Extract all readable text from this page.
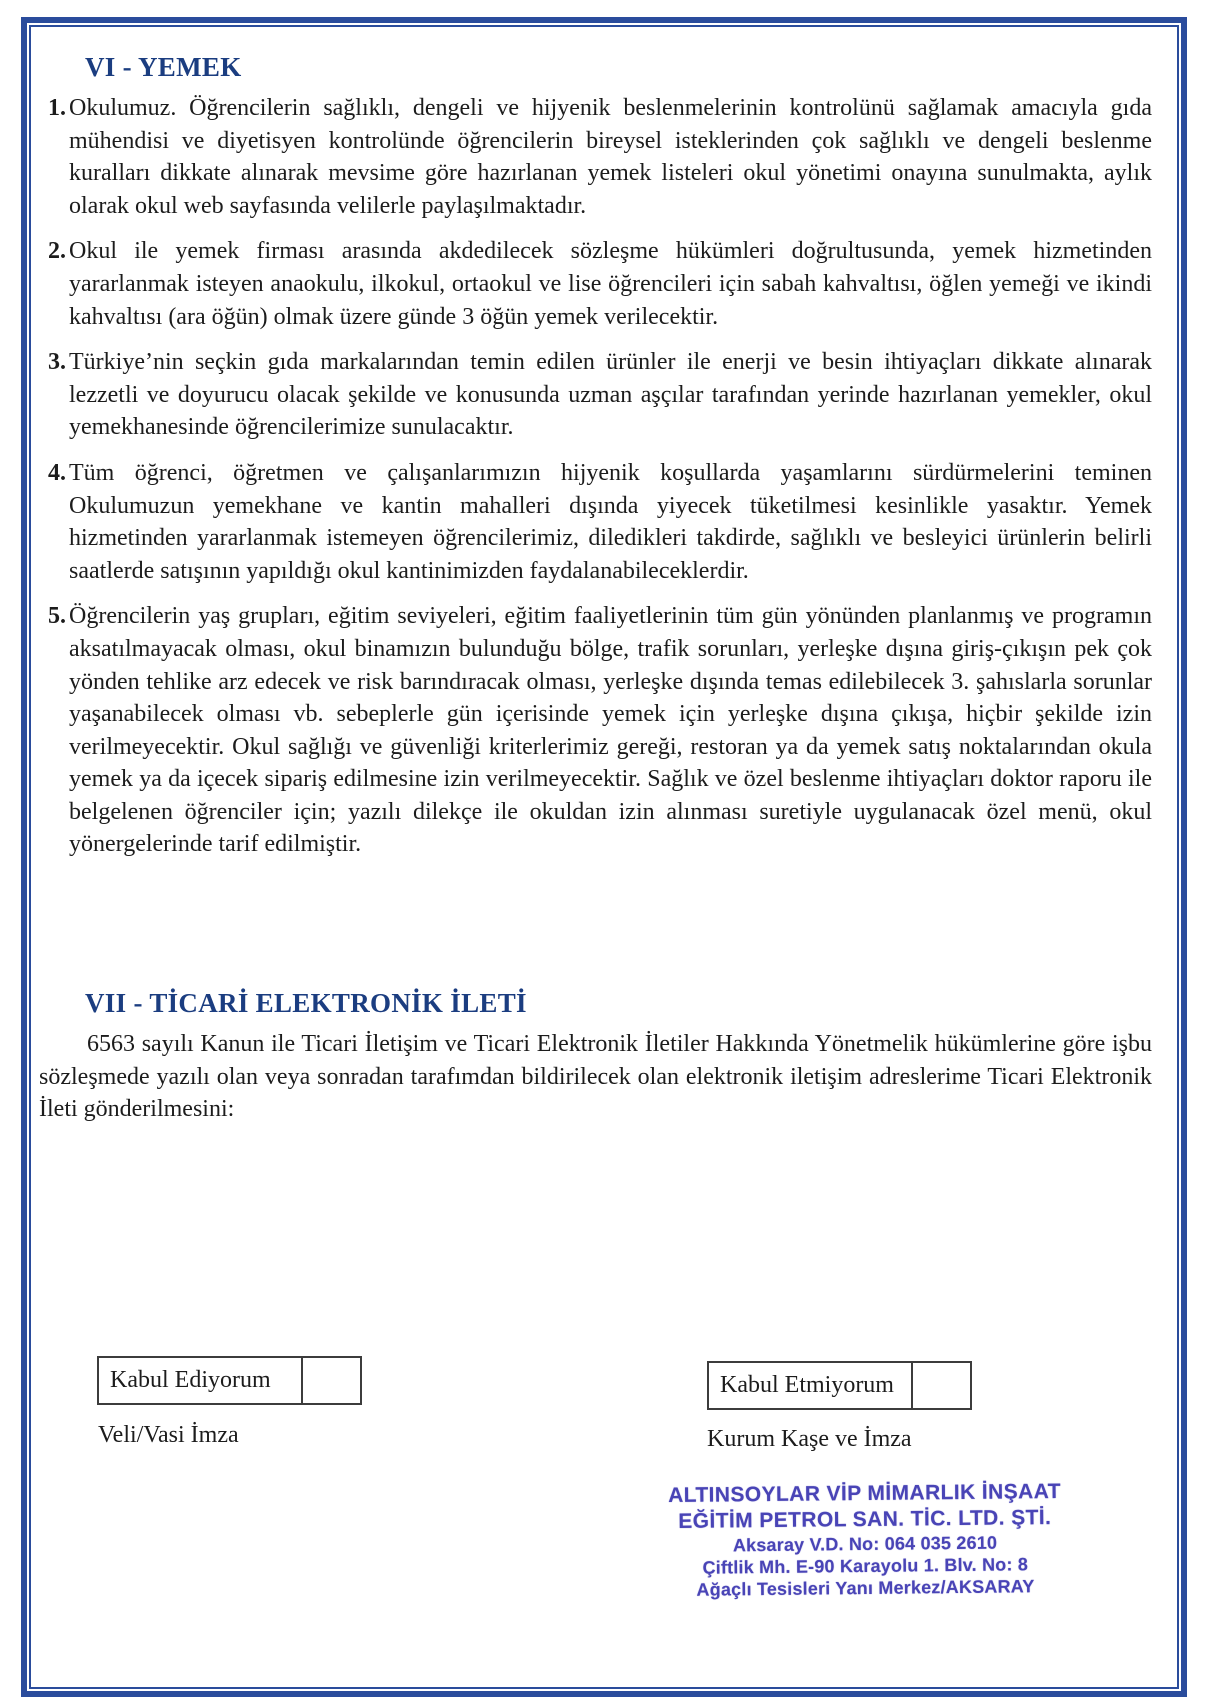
VI - YEMEK
1. Okulumuz. Öğrencilerin sağlıklı, dengeli ve hijyenik beslenmelerinin kontrolünü sağlamak amacıyla gıda mühendisi ve diyetisyen kontrolünde öğrencilerin bireysel isteklerinden çok sağlıklı ve dengeli beslenme kuralları dikkate alınarak mevsime göre hazırlanan yemek listeleri okul yönetimi onayına sunulmakta, aylık olarak okul web sayfasında velilerle paylaşılmaktadır.
2. Okul ile yemek firması arasında akdedilecek sözleşme hükümleri doğrultusunda, yemek hizmetinden yararlanmak isteyen anaokulu, ilkokul, ortaokul ve lise öğrencileri için sabah kahvaltısı, öğlen yemeği ve ikindi kahvaltısı (ara öğün) olmak üzere günde 3 öğün yemek verilecektir.
3. Türkiye’nin seçkin gıda markalarından temin edilen ürünler ile enerji ve besin ihtiyaçları dikkate alınarak lezzetli ve doyurucu olacak şekilde ve konusunda uzman aşçılar tarafından yerinde hazırlanan yemekler, okul yemekhanesinde öğrencilerimize sunulacaktır.
4. Tüm öğrenci, öğretmen ve çalışanlarımızın hijyenik koşullarda yaşamlarını sürdürmelerini teminen Okulumuzun yemekhane ve kantin mahalleri dışında yiyecek tüketilmesi kesinlikle yasaktır. Yemek hizmetinden yararlanmak istemeyen öğrencilerimiz, diledikleri takdirde, sağlıklı ve besleyici ürünlerin belirli saatlerde satışının yapıldığı okul kantinimizden faydalanabileceklerdir.
5. Öğrencilerin yaş grupları, eğitim seviyeleri, eğitim faaliyetlerinin tüm gün yönünden planlanmış ve programın aksatılmayacak olması, okul binamızın bulunduğu bölge, trafik sorunları, yerleşke dışına giriş-çıkışın pek çok yönden tehlike arz edecek ve risk barındıracak olması, yerleşke dışında temas edilebilecek 3. şahıslarla sorunlar yaşanabilecek olması vb. sebeplerle gün içerisinde yemek için yerleşke dışına çıkışa, hiçbir şekilde izin verilmeyecektir. Okul sağlığı ve güvenliği kriterlerimiz gereği, restoran ya da yemek satış noktalarından okula yemek ya da içecek sipariş edilmesine izin verilmeyecektir. Sağlık ve özel beslenme ihtiyaçları doktor raporu ile belgelenen öğrenciler için; yazılı dilekçe ile okuldan izin alınması suretiyle uygulanacak özel menü, okul yönergelerinde tarif edilmiştir.
VII - TİCARİ ELEKTRONİK İLETİ

6563 sayılı Kanun ile Ticari İletişim ve Ticari Elektronik İletiler Hakkında Yönetmelik hükümlerine göre işbu sözleşmede yazılı olan veya sonradan tarafımdan bildirilecek olan elektronik iletişim adreslerime Ticari Elektronik İleti gönderilmesini:

Kabul Ediyorum	Kabul Etmiyorum
Veli/Vasi İmza	Kurum Kaşe ve İmza
ALTINSOYLAR VİP MİMARLIK İNŞAAT
EĞİTİM PETROL SAN. TİC. LTD. ŞTİ.
Aksaray V.D. No: 064 035 2610
Çiftlik Mh. E-90 Karayolu 1. Blv. No: 8
Ağaçlı Tesisleri Yanı Merkez/AKSARAY
